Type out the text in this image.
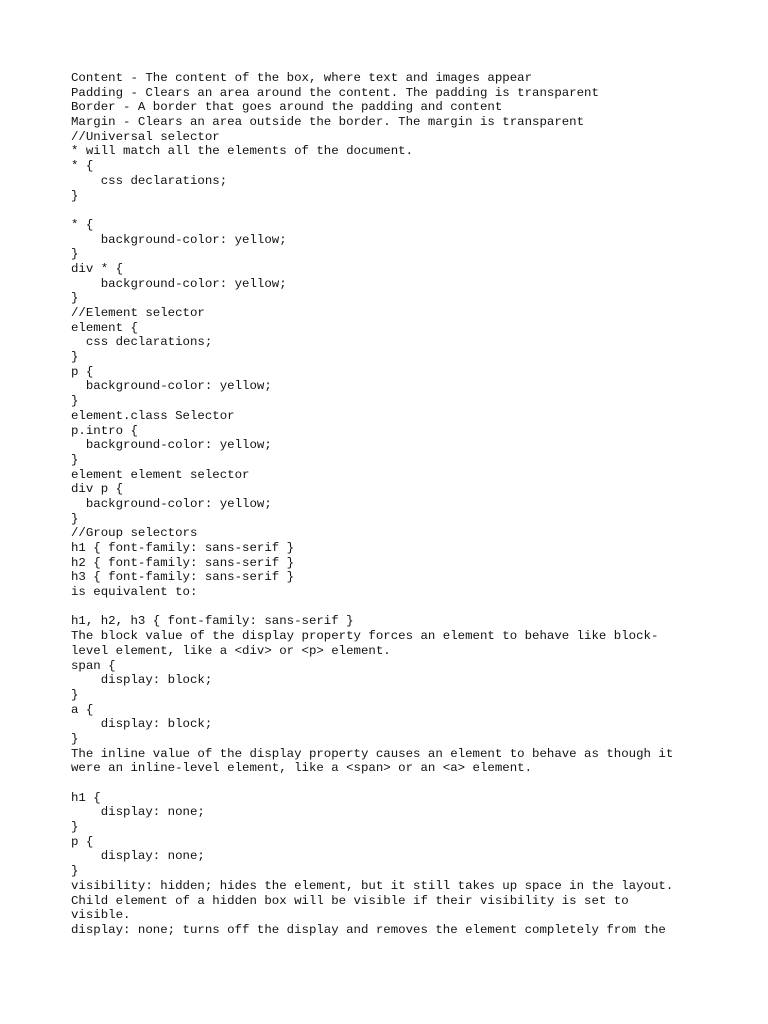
Content - The content of the box, where text and images appear
Padding - Clears an area around the content. The padding is transparent
Border - A border that goes around the padding and content
Margin - Clears an area outside the border. The margin is transparent
//Universal selector
* will match all the elements of the document.
* {
css declarations;
}
* {
background-color: yellow;
}
div * {
background-color: yellow;
}
//Element selector
element {
css declarations;
}
p {
background-color: yellow;
}
element.class Selector
p.intro {
background-color: yellow;
}
element element selector
div p {
background-color: yellow;
}
//Group selectors
h1 { font-family: sans-serif }
h2 { font-family: sans-serif }
h3 { font-family: sans-serif }
is equivalent to:
h1, h2, h3 { font-family: sans-serif }
The block value of the display property forces an element to behave like block-
level element, like a <div> or <p> element.
span {
display: block;
}
a {
display: block;
}
The inline value of the display property causes an element to behave as though it
were an inline-level element, like a <span> or an <a> element.
h1 {
display: none;
}
p {
display: none;
}
visibility: hidden; hides the element, but it still takes up space in the layout.
Child element of a hidden box will be visible if their visibility is set to
visible.
display: none; turns off the display and removes the element completely from the
